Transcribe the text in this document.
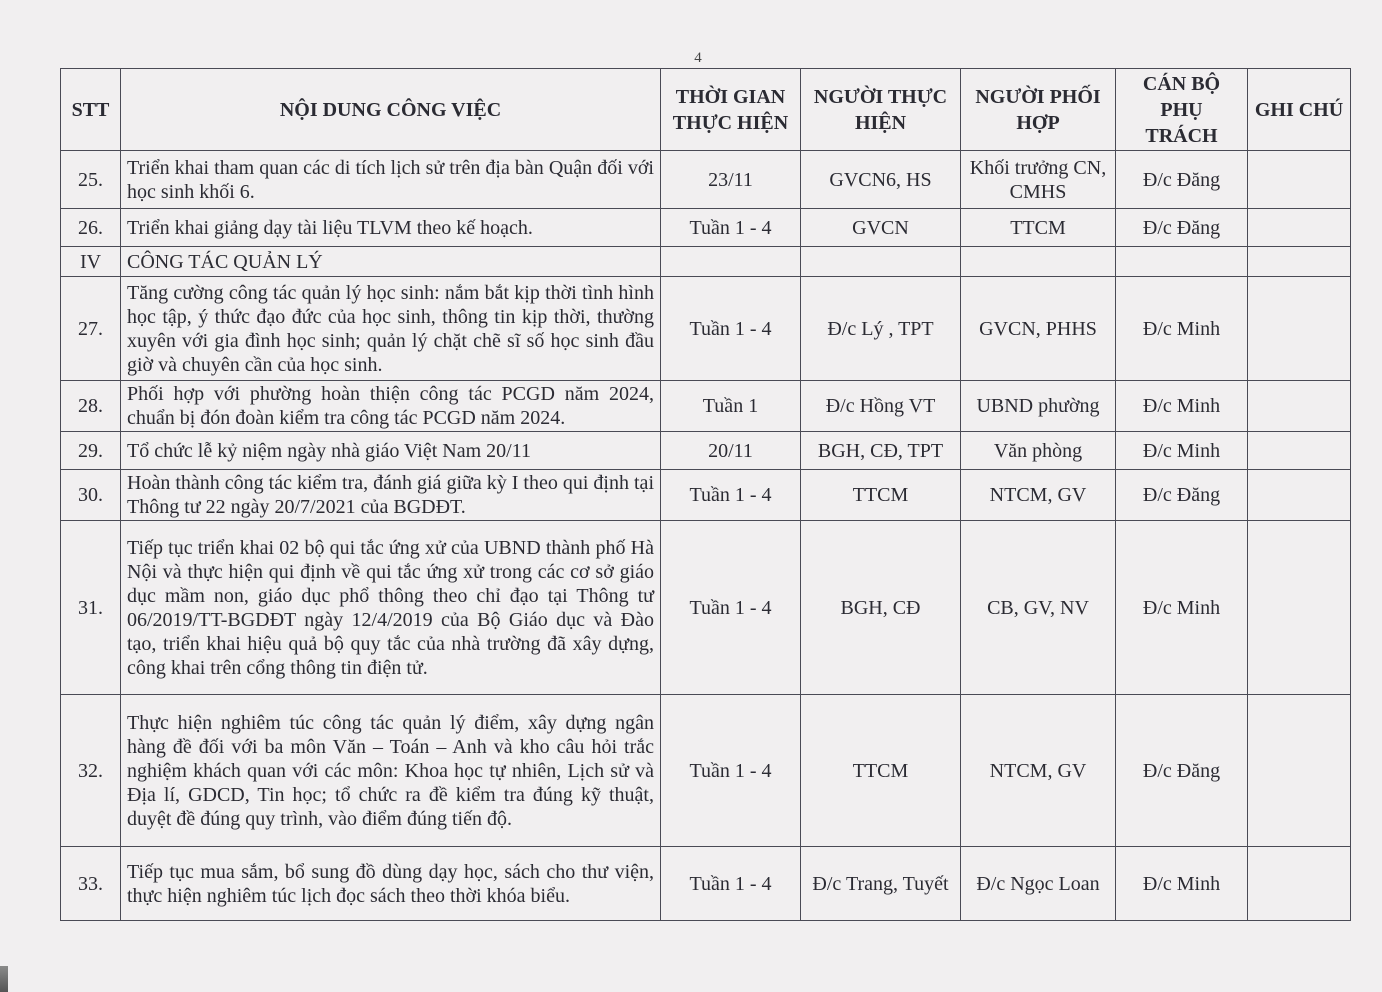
4
STT	NỘI DUNG CÔNG VIỆC	THỜI GIAN THỰC HIỆN	NGƯỜI THỰC HIỆN	NGƯỜI PHỐI HỢP	CÁN BỘ PHỤ TRÁCH	GHI CHÚ
25.	Triển khai tham quan các di tích lịch sử trên địa bàn Quận đối với học sinh khối 6.	23/11	GVCN6, HS	Khối trưởng CN, CMHS	Đ/c Đăng	
26.	Triển khai giảng dạy tài liệu TLVM theo kế hoạch.	Tuần 1 - 4	GVCN	TTCM	Đ/c Đăng	
IV	CÔNG TÁC QUẢN LÝ					
27.	Tăng cường công tác quản lý học sinh: nắm bắt kịp thời tình hình học tập, ý thức đạo đức của học sinh, thông tin kịp thời, thường xuyên với gia đình học sinh; quản lý chặt chẽ sĩ số học sinh đầu giờ và chuyên cần của học sinh.	Tuần 1 - 4	Đ/c Lý , TPT	GVCN, PHHS	Đ/c Minh	
28.	Phối hợp với phường hoàn thiện công tác PCGD năm 2024, chuẩn bị đón đoàn kiểm tra công tác PCGD năm 2024.	Tuần 1	Đ/c Hồng VT	UBND phường	Đ/c Minh	
29.	Tổ chức lễ kỷ niệm ngày nhà giáo Việt Nam 20/11	20/11	BGH, CĐ, TPT	Văn phòng	Đ/c Minh	
30.	Hoàn thành công tác kiểm tra, đánh giá giữa kỳ I theo qui định tại Thông tư 22 ngày 20/7/2021 của BGDĐT.	Tuần 1 - 4	TTCM	NTCM, GV	Đ/c Đăng	
31.	Tiếp tục triển khai 02 bộ qui tắc ứng xử của UBND thành phố Hà Nội và thực hiện qui định về qui tắc ứng xử trong các cơ sở giáo dục mầm non, giáo dục phổ thông theo chỉ đạo tại Thông tư 06/2019/TT-BGDĐT ngày 12/4/2019 của Bộ Giáo dục và Đào tạo, triển khai hiệu quả bộ quy tắc của nhà trường đã xây dựng, công khai trên cổng thông tin điện tử.	Tuần 1 - 4	BGH, CĐ	CB, GV, NV	Đ/c Minh	
32.	Thực hiện nghiêm túc công tác quản lý điểm, xây dựng ngân hàng đề đối với ba môn Văn – Toán – Anh và kho câu hỏi trắc nghiệm khách quan với các môn: Khoa học tự nhiên, Lịch sử và Địa lí, GDCD, Tin học; tổ chức ra đề kiểm tra đúng kỹ thuật, duyệt đề đúng quy trình, vào điểm đúng tiến độ.	Tuần 1 - 4	TTCM	NTCM, GV	Đ/c Đăng	
33.	Tiếp tục mua sắm, bổ sung đồ dùng dạy học, sách cho thư viện, thực hiện nghiêm túc lịch đọc sách theo thời khóa biểu.	Tuần 1 - 4	Đ/c Trang, Tuyết	Đ/c Ngọc Loan	Đ/c Minh	
